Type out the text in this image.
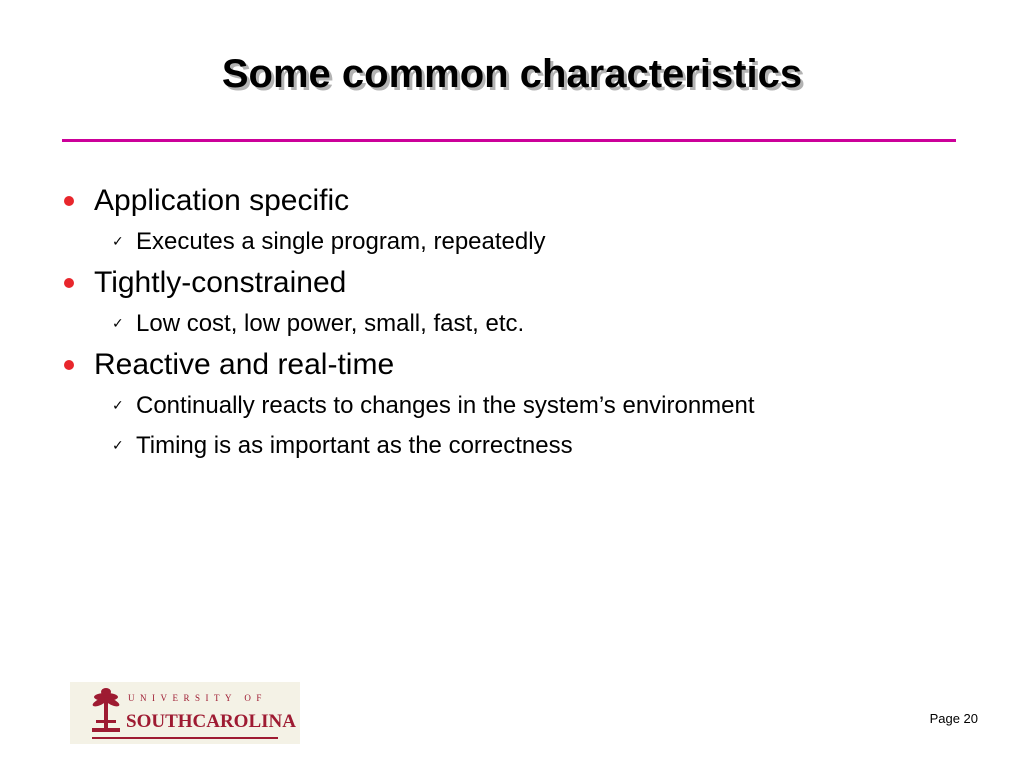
Some common characteristics
Application specific
✓ Executes a single program, repeatedly
Tightly-constrained
✓ Low cost, low power, small, fast, etc.
Reactive and real-time
✓ Continually reacts to changes in the system’s environment
✓ Timing is as important as the correctness
UNIVERSITY OF
SOUTHCAROLINA	Page 20
